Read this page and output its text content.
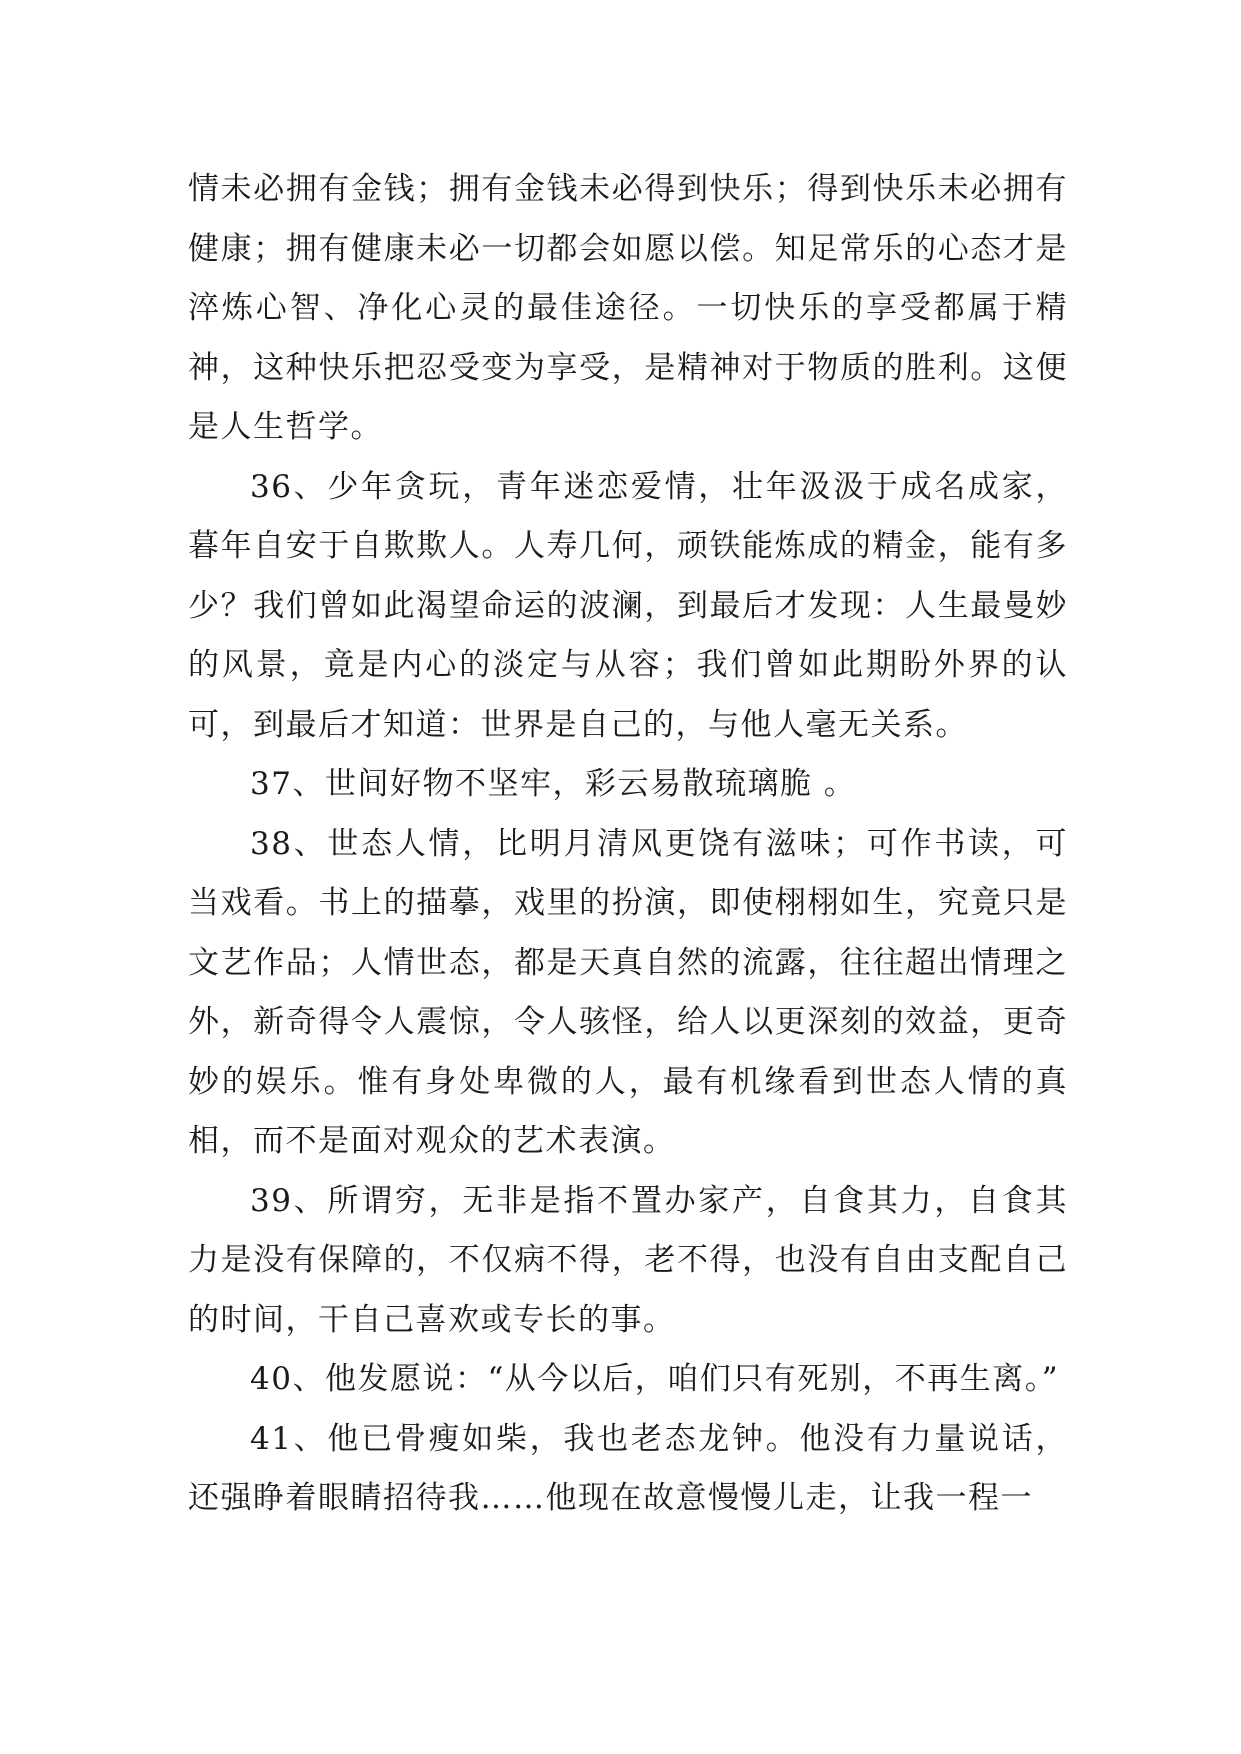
情未必拥有金钱；拥有金钱未必得到快乐；得到快乐未必拥有健康；拥有健康未必一切都会如愿以偿。知足常乐的心态才是淬炼心智、净化心灵的最佳途径。一切快乐的享受都属于精神，这种快乐把忍受变为享受，是精神对于物质的胜利。这便是人生哲学。

36、少年贪玩，青年迷恋爱情，壮年汲汲于成名成家，暮年自安于自欺欺人。人寿几何，顽铁能炼成的精金，能有多少？我们曾如此渴望命运的波澜，到最后才发现：人生最曼妙的风景，竟是内心的淡定与从容；我们曾如此期盼外界的认可，到最后才知道：世界是自己的，与他人毫无关系。

37、世间好物不坚牢，彩云易散琉璃脆 。

38、世态人情，比明月清风更饶有滋味；可作书读，可当戏看。书上的描摹，戏里的扮演，即使栩栩如生，究竟只是文艺作品；人情世态，都是天真自然的流露，往往超出情理之外，新奇得令人震惊，令人骇怪，给人以更深刻的效益，更奇妙的娱乐。惟有身处卑微的人，最有机缘看到世态人情的真相，而不是面对观众的艺术表演。

39、所谓穷，无非是指不置办家产，自食其力，自食其力是没有保障的，不仅病不得，老不得，也没有自由支配自己的时间，干自己喜欢或专长的事。

40、他发愿说：“从今以后，咱们只有死别，不再生离。”

41、他已骨瘦如柴，我也老态龙钟。他没有力量说话，还强睁着眼睛招待我……他现在故意慢慢儿走，让我一程一
